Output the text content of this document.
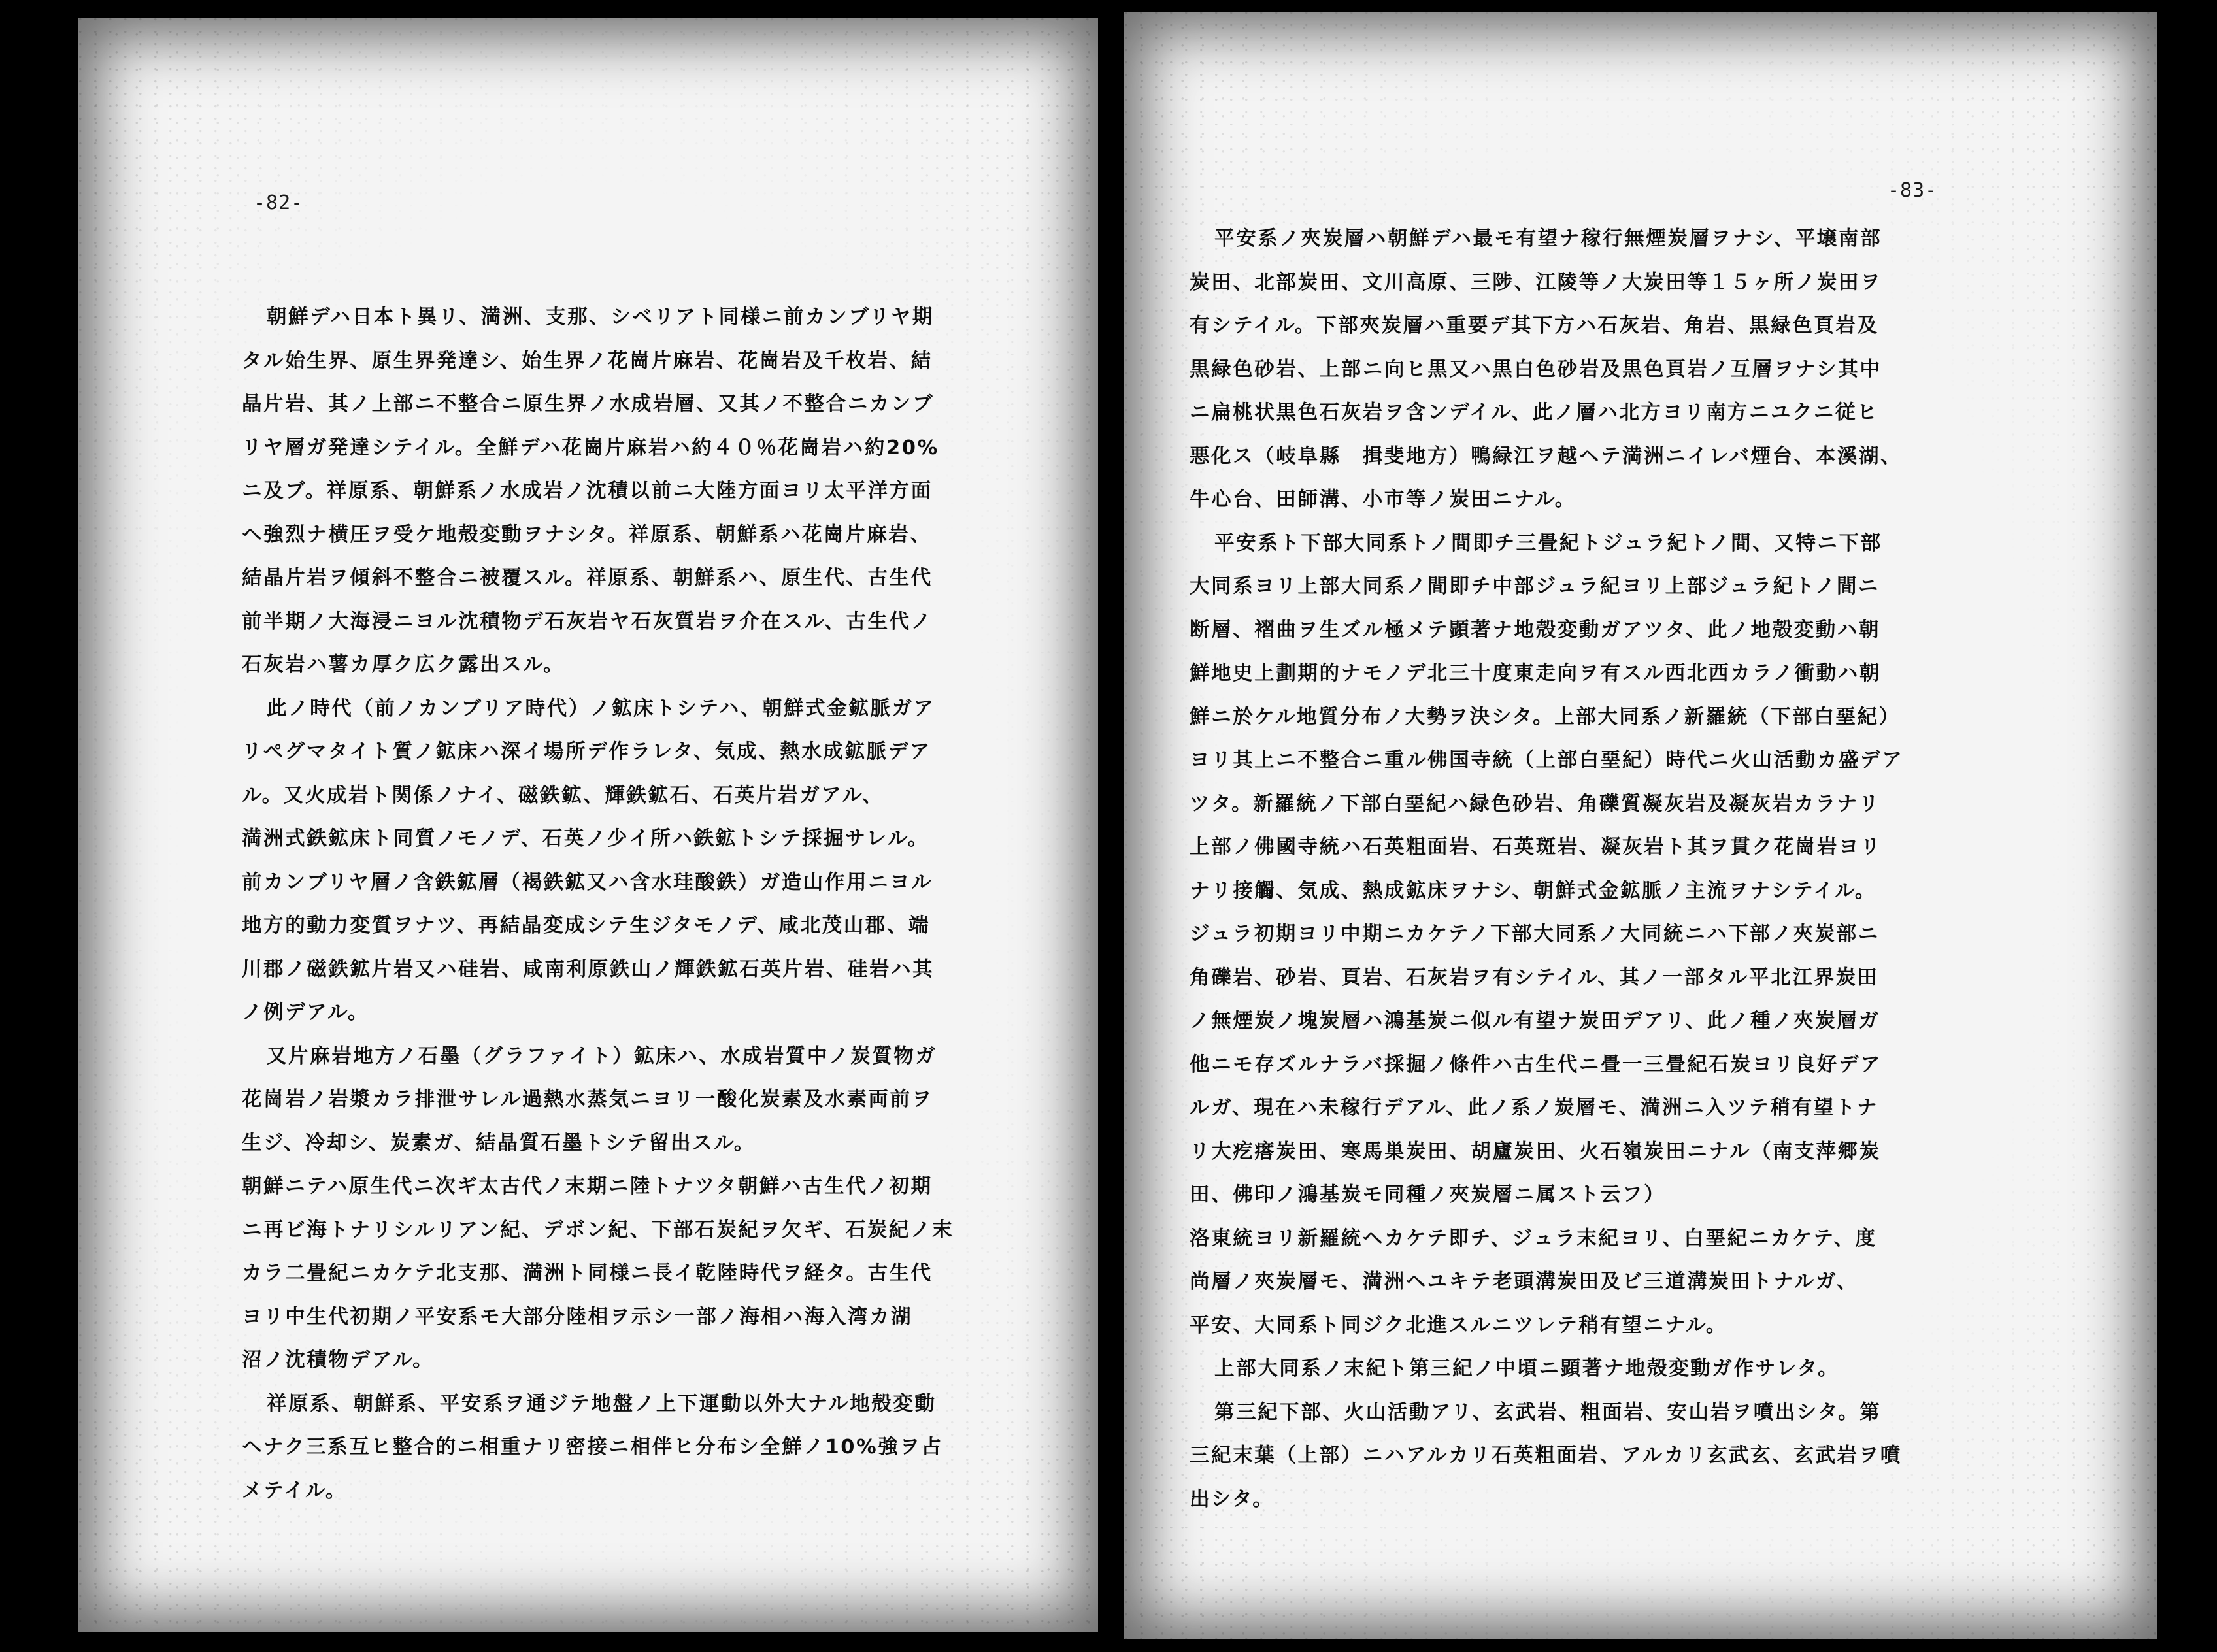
-82-
朝鮮デハ日本ト異リ、満洲、支那、シベリアト同様ニ前カンブリヤ期
タル始生界、原生界発達シ、始生界ノ花崗片麻岩、花崗岩及千枚岩、結
晶片岩、其ノ上部ニ不整合ニ原生界ノ水成岩層、又其ノ不整合ニカンブ
リヤ層ガ発達シテイル。全鮮デハ花崗片麻岩ハ約４０％花崗岩ハ約20%
ニ及ブ。祥原系、朝鮮系ノ水成岩ノ沈積以前ニ大陸方面ヨリ太平洋方面
ヘ強烈ナ横圧ヲ受ケ地殻変動ヲナシタ。祥原系、朝鮮系ハ花崗片麻岩、
結晶片岩ヲ傾斜不整合ニ被覆スル。祥原系、朝鮮系ハ、原生代、古生代
前半期ノ大海浸ニヨル沈積物デ石灰岩ヤ石灰質岩ヲ介在スル、古生代ノ
石灰岩ハ薯カ厚ク広ク露出スル。
此ノ時代（前ノカンブリア時代）ノ鉱床トシテハ、朝鮮式金鉱脈ガア
リペグマタイト質ノ鉱床ハ深イ場所デ作ラレタ、気成、熱水成鉱脈デア
ル。又火成岩ト関係ノナイ、磁鉄鉱、輝鉄鉱石、石英片岩ガアル、
満洲式鉄鉱床ト同質ノモノデ、石英ノ少イ所ハ鉄鉱トシテ採掘サレル。
前カンブリヤ層ノ含鉄鉱層（褐鉄鉱又ハ含水珪酸鉄）ガ造山作用ニヨル
地方的動力変質ヲナツ、再結晶変成シテ生ジタモノデ、咸北茂山郡、端
川郡ノ磁鉄鉱片岩又ハ硅岩、咸南利原鉄山ノ輝鉄鉱石英片岩、硅岩ハ其
ノ例デアル。
又片麻岩地方ノ石墨（グラファイト）鉱床ハ、水成岩質中ノ炭質物ガ
花崗岩ノ岩漿カラ排泄サレル過熱水蒸気ニヨリ一酸化炭素及水素両前ヲ
生ジ、冷却シ、炭素ガ、結晶質石墨トシテ留出スル。
朝鮮ニテハ原生代ニ次ギ太古代ノ末期ニ陸トナツタ朝鮮ハ古生代ノ初期
ニ再ビ海トナリシルリアン紀、デボン紀、下部石炭紀ヲ欠ギ、石炭紀ノ末
カラ二畳紀ニカケテ北支那、満洲ト同様ニ長イ乾陸時代ヲ経タ。古生代
ヨリ中生代初期ノ平安系モ大部分陸相ヲ示シ一部ノ海相ハ海入湾カ湖
沼ノ沈積物デアル。
祥原系、朝鮮系、平安系ヲ通ジテ地盤ノ上下運動以外大ナル地殻変動
ヘナク三系互ヒ整合的ニ相重ナリ密接ニ相伴ヒ分布シ全鮮ノ10%強ヲ占
メテイル。
-83-
平安系ノ夾炭層ハ朝鮮デハ最モ有望ナ稼行無煙炭層ヲナシ、平壌南部
炭田、北部炭田、文川高原、三陟、江陵等ノ大炭田等１５ヶ所ノ炭田ヲ
有シテイル。下部夾炭層ハ重要デ其下方ハ石灰岩、角岩、黒緑色頁岩及
黒緑色砂岩、上部ニ向ヒ黒又ハ黒白色砂岩及黒色頁岩ノ互層ヲナシ其中
ニ扁桃状黒色石灰岩ヲ含ンデイル、此ノ層ハ北方ヨリ南方ニユクニ従ヒ
悪化ス（岐阜縣　揖斐地方）鴨緑江ヲ越ヘテ満洲ニイレバ煙台、本溪湖、
牛心台、田師溝、小市等ノ炭田ニナル。
平安系ト下部大同系トノ間即チ三畳紀トジュラ紀トノ間、又特ニ下部
大同系ヨリ上部大同系ノ間即チ中部ジュラ紀ヨリ上部ジュラ紀トノ間ニ
断層、褶曲ヲ生ズル極メテ顕著ナ地殻変動ガアツタ、此ノ地殻変動ハ朝
鮮地史上劃期的ナモノデ北三十度東走向ヲ有スル西北西カラノ衝動ハ朝
鮮ニ於ケル地質分布ノ大勢ヲ決シタ。上部大同系ノ新羅統（下部白堊紀）
ヨリ其上ニ不整合ニ重ル佛国寺統（上部白堊紀）時代ニ火山活動カ盛デア
ツタ。新羅統ノ下部白堊紀ハ緑色砂岩、角礫質凝灰岩及凝灰岩カラナリ
上部ノ佛國寺統ハ石英粗面岩、石英斑岩、凝灰岩ト其ヲ貫ク花崗岩ヨリ
ナリ接觸、気成、熱成鉱床ヲナシ、朝鮮式金鉱脈ノ主流ヲナシテイル。
ジュラ初期ヨリ中期ニカケテノ下部大同系ノ大同統ニハ下部ノ夾炭部ニ
角礫岩、砂岩、頁岩、石灰岩ヲ有シテイル、其ノ一部タル平北江界炭田
ノ無煙炭ノ塊炭層ハ鴻基炭ニ似ル有望ナ炭田デアリ、此ノ種ノ夾炭層ガ
他ニモ存ズルナラバ採掘ノ條件ハ古生代ニ畳一三畳紀石炭ヨリ良好デア
ルガ、現在ハ未稼行デアル、此ノ系ノ炭層モ、満洲ニ入ツテ稍有望トナ
リ大疙瘩炭田、寒馬巣炭田、胡廬炭田、火石嶺炭田ニナル（南支萍郷炭
田、佛印ノ鴻基炭モ同種ノ夾炭層ニ属スト云フ）
洛東統ヨリ新羅統ヘカケテ即チ、ジュラ末紀ヨリ、白堊紀ニカケテ、度
尚層ノ夾炭層モ、満洲ヘユキテ老頭溝炭田及ビ三道溝炭田トナルガ、
平安、大同系ト同ジク北進スルニツレテ稍有望ニナル。
上部大同系ノ末紀ト第三紀ノ中頃ニ顕著ナ地殻変動ガ作サレタ。
第三紀下部、火山活動アリ、玄武岩、粗面岩、安山岩ヲ噴出シタ。第
三紀末葉（上部）ニハアルカリ石英粗面岩、アルカリ玄武玄、玄武岩ヲ噴
出シタ。
